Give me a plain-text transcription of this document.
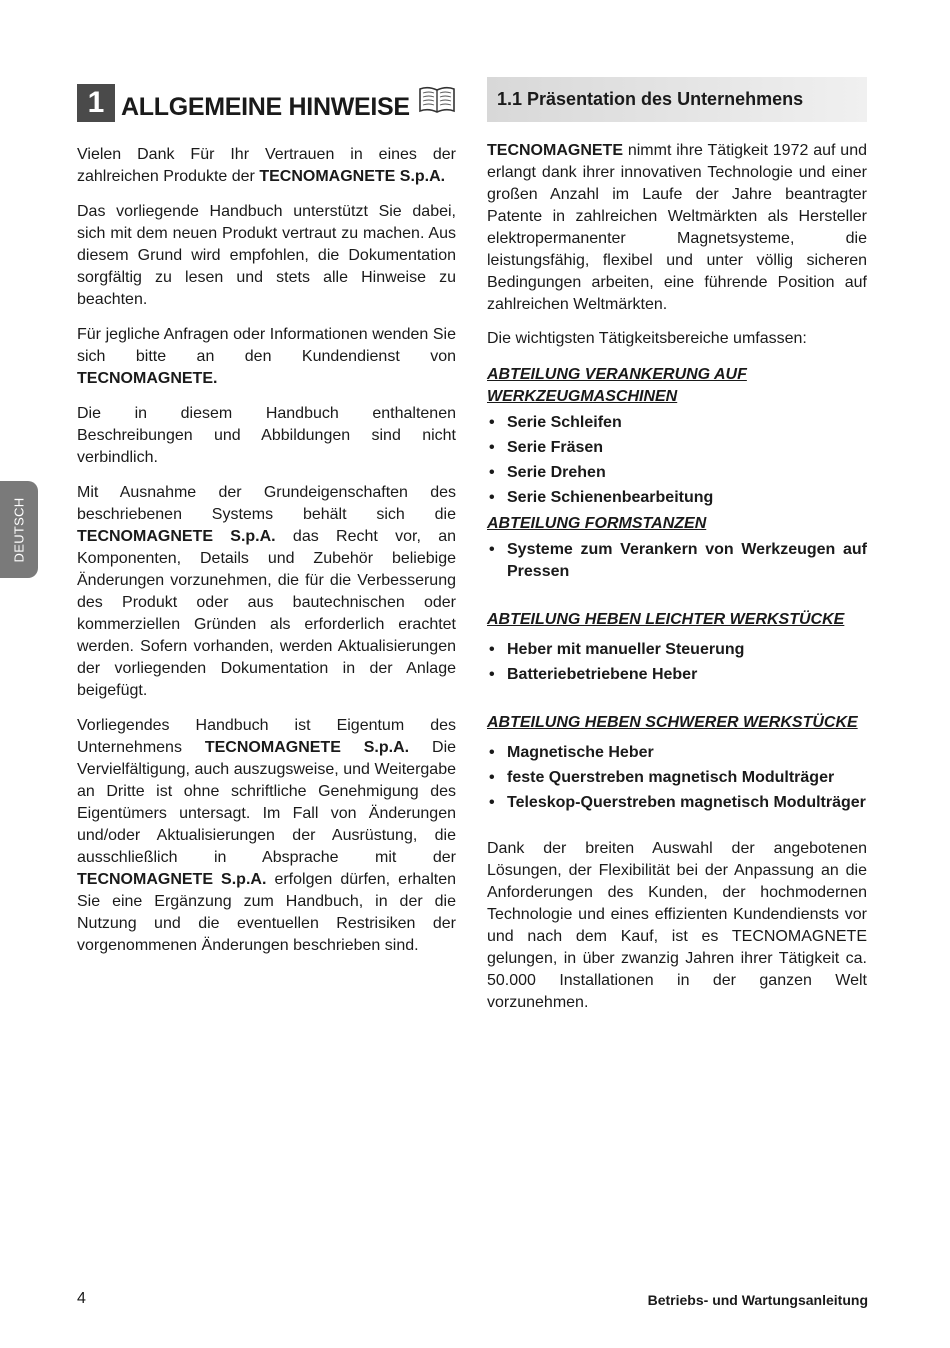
DEUTSCH
1 ALLGEMEINE HINWEISE

Vielen Dank Für Ihr Vertrauen in eines der zahlreichen Produkte der TECNOMAGNETE S.p.A.

Das vorliegende Handbuch unterstützt Sie dabei, sich mit dem neuen Produkt vertraut zu machen. Aus diesem Grund wird empfohlen, die Dokumentation sorgfältig zu lesen und stets alle Hinweise zu beachten.

Für jegliche Anfragen oder Informationen wenden Sie sich bitte an den Kundendienst von TECNOMAGNETE.

Die in diesem Handbuch enthaltenen Beschreibungen und Abbildungen sind nicht verbindlich.

Mit Ausnahme der Grundeigenschaften des beschriebenen Systems behält sich die TECNOMAGNETE S.p.A. das Recht vor, an Komponenten, Details und Zubehör beliebige Änderungen vorzunehmen, die für die Verbesserung des Produkt oder aus bautechnischen oder kommerziellen Gründen als erforderlich erachtet werden. Sofern vorhanden, werden Aktualisierungen der vorliegenden Dokumentation in der Anlage beigefügt.

Vorliegendes Handbuch ist Eigentum des Unternehmens TECNOMAGNETE S.p.A. Die Vervielfältigung, auch auszugsweise, und Weitergabe an Dritte ist ohne schriftliche Genehmigung des Eigentümers untersagt. Im Fall von Änderungen und/oder Aktualisierungen der Ausrüstung, die ausschließlich in Absprache mit der TECNOMAGNETE S.p.A. erfolgen dürfen, erhalten Sie eine Ergänzung zum Handbuch, in der die Nutzung und die eventuellen Restrisiken der vorgenommenen Änderungen beschrieben sind.

1.1 Präsentation des Unternehmens

TECNOMAGNETE nimmt ihre Tätigkeit 1972 auf und erlangt dank ihrer innovativen Technologie und einer großen Anzahl im Laufe der Jahre beantragter Patente in zahlreichen Weltmärkten als Hersteller elektropermanenter Magnetsysteme, die leistungsfähig, flexibel und unter völlig sicheren Bedingungen arbeiten, eine führende Position auf zahlreichen Weltmärkten.

Die wichtigsten Tätigkeitsbereiche umfassen:

ABTEILUNG VERANKERUNG AUF WERKZEUGMASCHINEN
• Serie Schleifen
• Serie Fräsen
• Serie Drehen
• Serie Schienenbearbeitung
ABTEILUNG FORMSTANZEN
• Systeme zum Verankern von Werkzeugen auf Pressen
ABTEILUNG HEBEN LEICHTER WERKSTÜCKE
• Heber mit manueller Steuerung
• Batteriebetriebene Heber
ABTEILUNG HEBEN SCHWERER WERKSTÜCKE
• Magnetische Heber
• feste Querstreben magnetisch Modulträger
• Teleskop-Querstreben magnetisch Modulträger

Dank der breiten Auswahl der angebotenen Lösungen, der Flexibilität bei der Anpassung an die Anforderungen des Kunden, der hochmodernen Technologie und eines effizienten Kundendiensts vor und nach dem Kauf, ist es TECNOMAGNETE gelungen, in über zwanzig Jahren ihrer Tätigkeit ca. 50.000 Installationen in der ganzen Welt vorzunehmen.

4	Betriebs- und Wartungsanleitung
